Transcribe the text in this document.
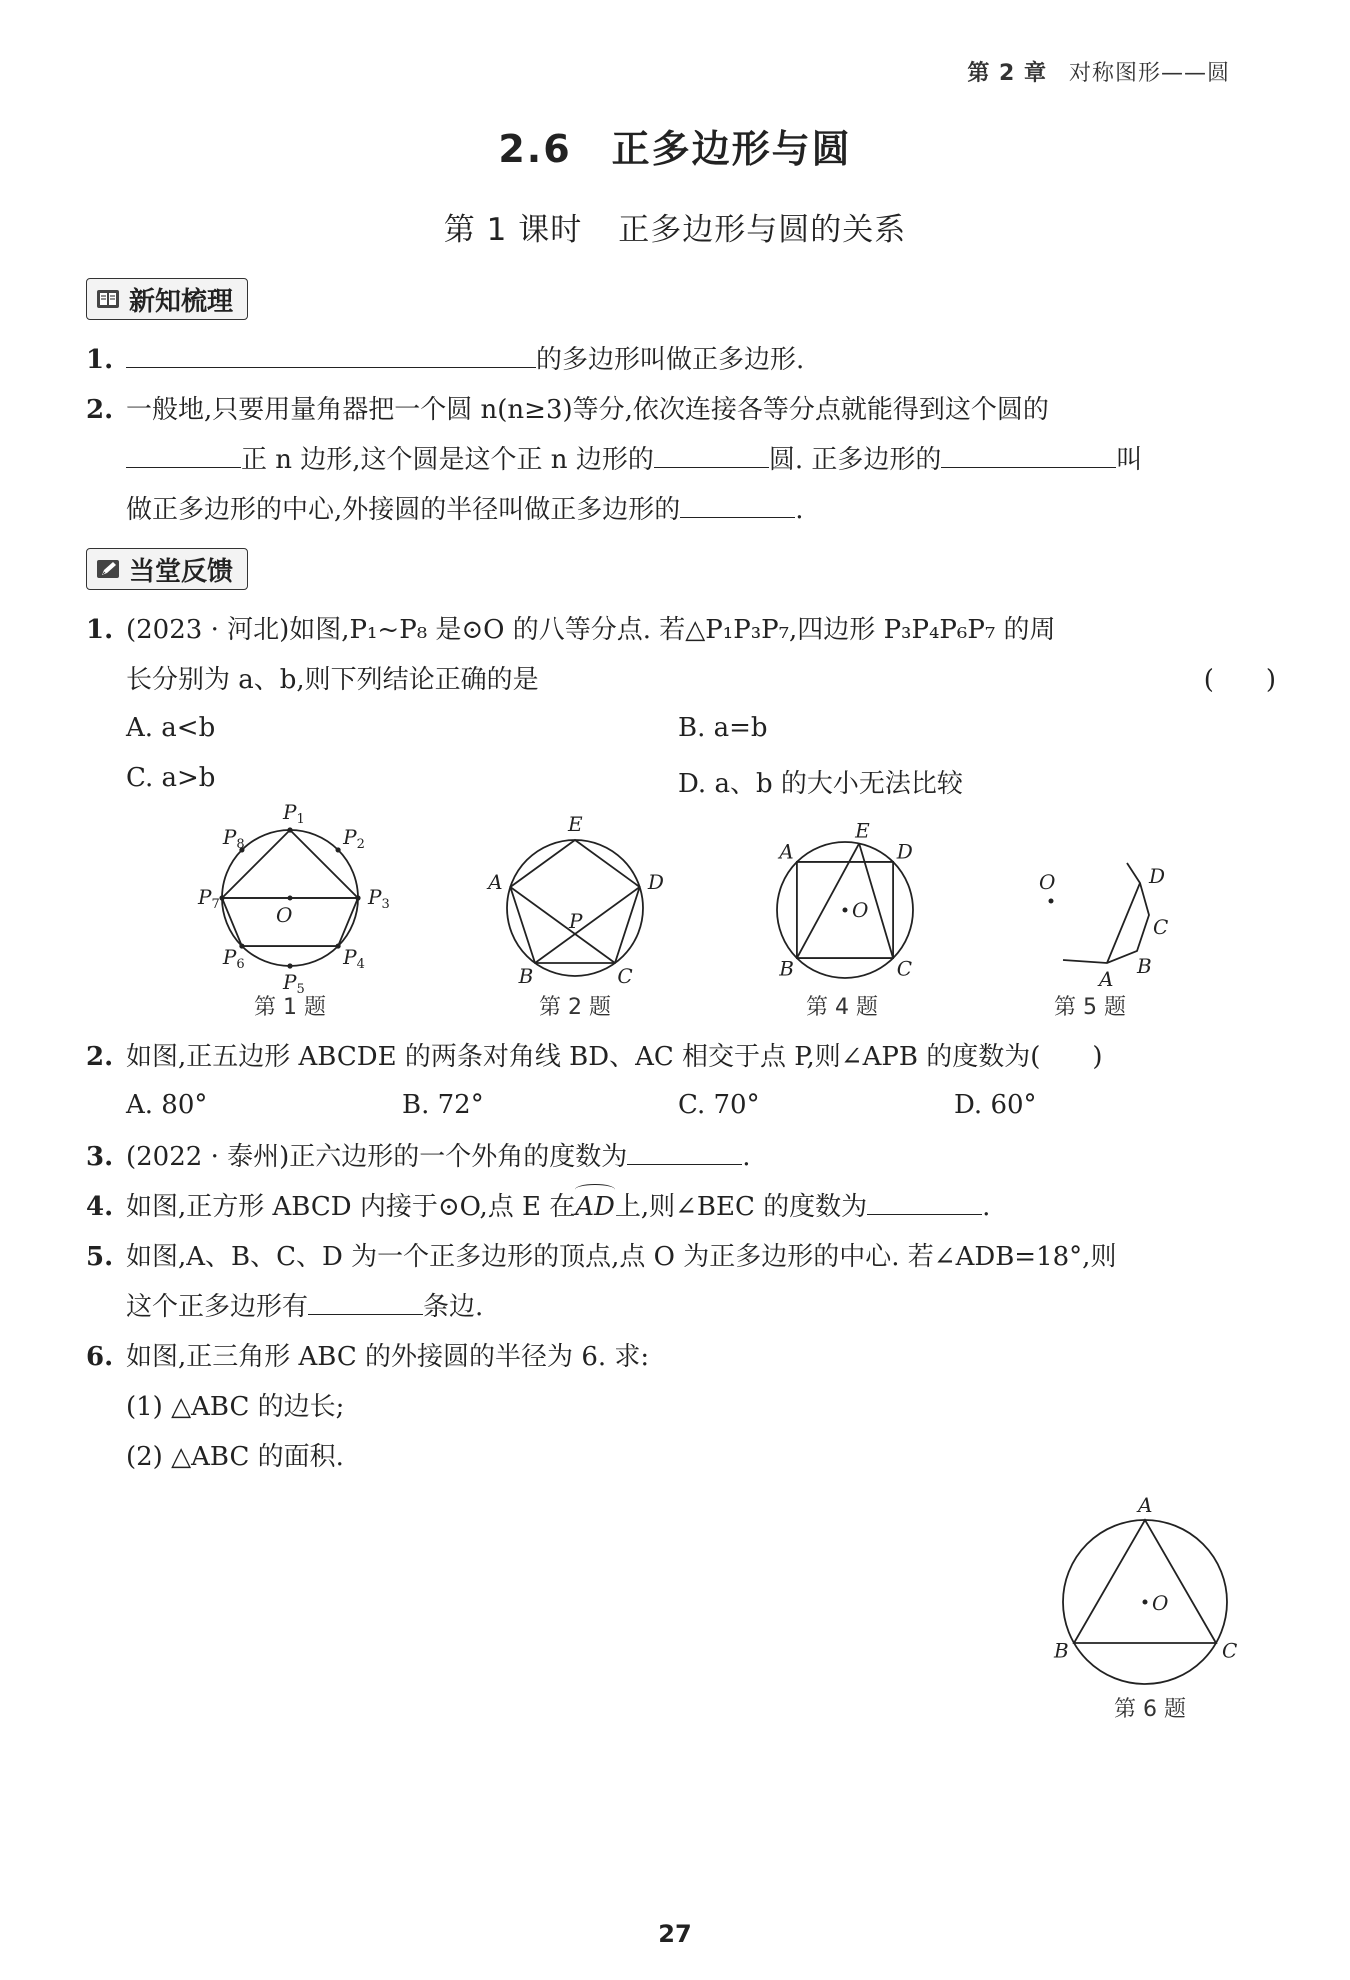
第 2 章 对称图形——圆
2.6 正多边形与圆
第 1 课时 正多边形与圆的关系
新知梳理
1.	的多边形叫做正多边形.
2. 一般地,只要用量角器把一个圆 n(n≥3)等分,依次连接各等分点就能得到这个圆的
正 n 边形,这个圆是这个正 n 边形的	圆. 正多边形的	叫
做正多边形的中心,外接圆的半径叫做正多边形的	.
当堂反馈
1. (2023 · 河北)如图,P₁~P₈ 是⊙O 的八等分点. 若△P₁P₃P₇,四边形 P₃P₄P₆P₇ 的周
长分别为 a、b,则下列结论正确的是	(　　)
A. a<b	B. a=b
C. a>b	D. a、b 的大小无法比较
$P_1$
$P_2$
$P_3$
$P_4$
$P_5$
$P_6$
$P_7$
$P_8$
O
第 1 题
E
D
C
B
A
P
第 2 题
A	D
C
B
E
O
第 4 题
O
A
B
C
D
第 5 题
2. 如图,正五边形 ABCDE 的两条对角线 BD、AC 相交于点 P,则∠APB 的度数为(　　)
A. 80°	B. 72°	C. 70°	D. 60°
3. (2022 · 泰州)正六边形的一个外角的度数为	.
4. 如图,正方形 ABCD 内接于⊙O,点 E 在AD上,则∠BEC 的度数为	.
5. 如图,A、B、C、D 为一个正多边形的顶点,点 O 为正多边形的中心. 若∠ADB=18°,则
这个正多边形有	条边.
6. 如图,正三角形 ABC 的外接圆的半径为 6. 求:
(1) △ABC 的边长;
(2) △ABC 的面积.
A
B	C
O
第 6 题
27
